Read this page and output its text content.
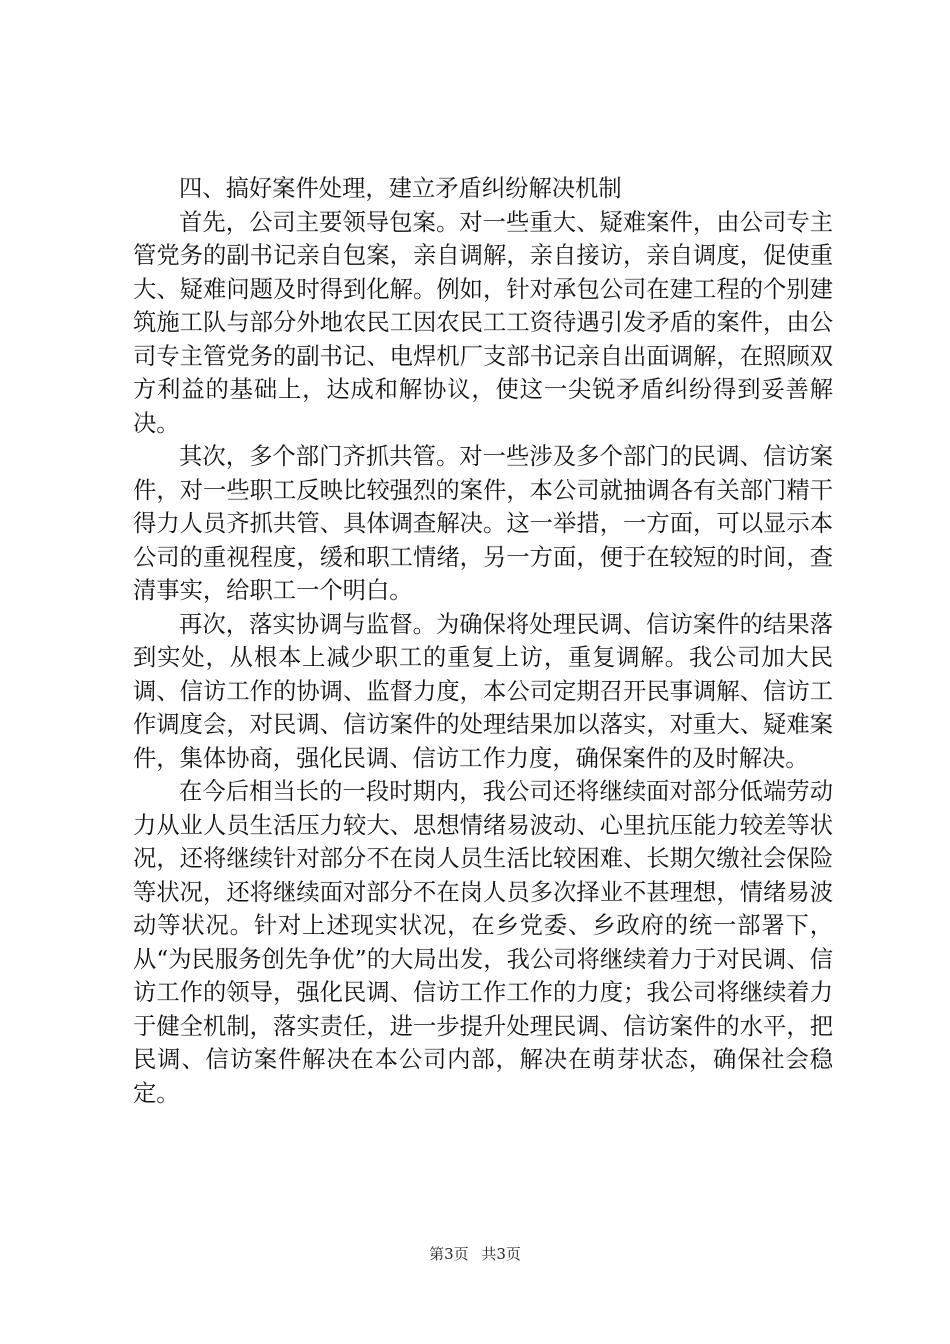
四、搞好案件处理，建立矛盾纠纷解决机制

首先，公司主要领导包案。对一些重大、疑难案件，由公司专主管党务的副书记亲自包案，亲自调解，亲自接访，亲自调度，促使重大、疑难问题及时得到化解。例如，针对承包公司在建工程的个别建筑施工队与部分外地农民工因农民工工资待遇引发矛盾的案件，由公司专主管党务的副书记、电焊机厂支部书记亲自出面调解，在照顾双方利益的基础上，达成和解协议，使这一尖锐矛盾纠纷得到妥善解决。

其次，多个部门齐抓共管。对一些涉及多个部门的民调、信访案件，对一些职工反映比较强烈的案件，本公司就抽调各有关部门精干得力人员齐抓共管、具体调查解决。这一举措，一方面，可以显示本公司的重视程度，缓和职工情绪，另一方面，便于在较短的时间，查清事实，给职工一个明白。

再次，落实协调与监督。为确保将处理民调、信访案件的结果落到实处，从根本上减少职工的重复上访，重复调解。我公司加大民调、信访工作的协调、监督力度，本公司定期召开民事调解、信访工作调度会，对民调、信访案件的处理结果加以落实，对重大、疑难案件，集体协商，强化民调、信访工作力度，确保案件的及时解决。

在今后相当长的一段时期内，我公司还将继续面对部分低端劳动力从业人员生活压力较大、思想情绪易波动、心里抗压能力较差等状况，还将继续针对部分不在岗人员生活比较困难、长期欠缴社会保险等状况，还将继续面对部分不在岗人员多次择业不甚理想，情绪易波动等状况。针对上述现实状况，在乡党委、乡政府的统一部署下，从“为民服务创先争优”的大局出发，我公司将继续着力于对民调、信访工作的领导，强化民调、信访工作工作的力度；我公司将继续着力于健全机制，落实责任，进一步提升处理民调、信访案件的水平，把民调、信访案件解决在本公司内部，解决在萌芽状态，确保社会稳定。

第3页 共3页
